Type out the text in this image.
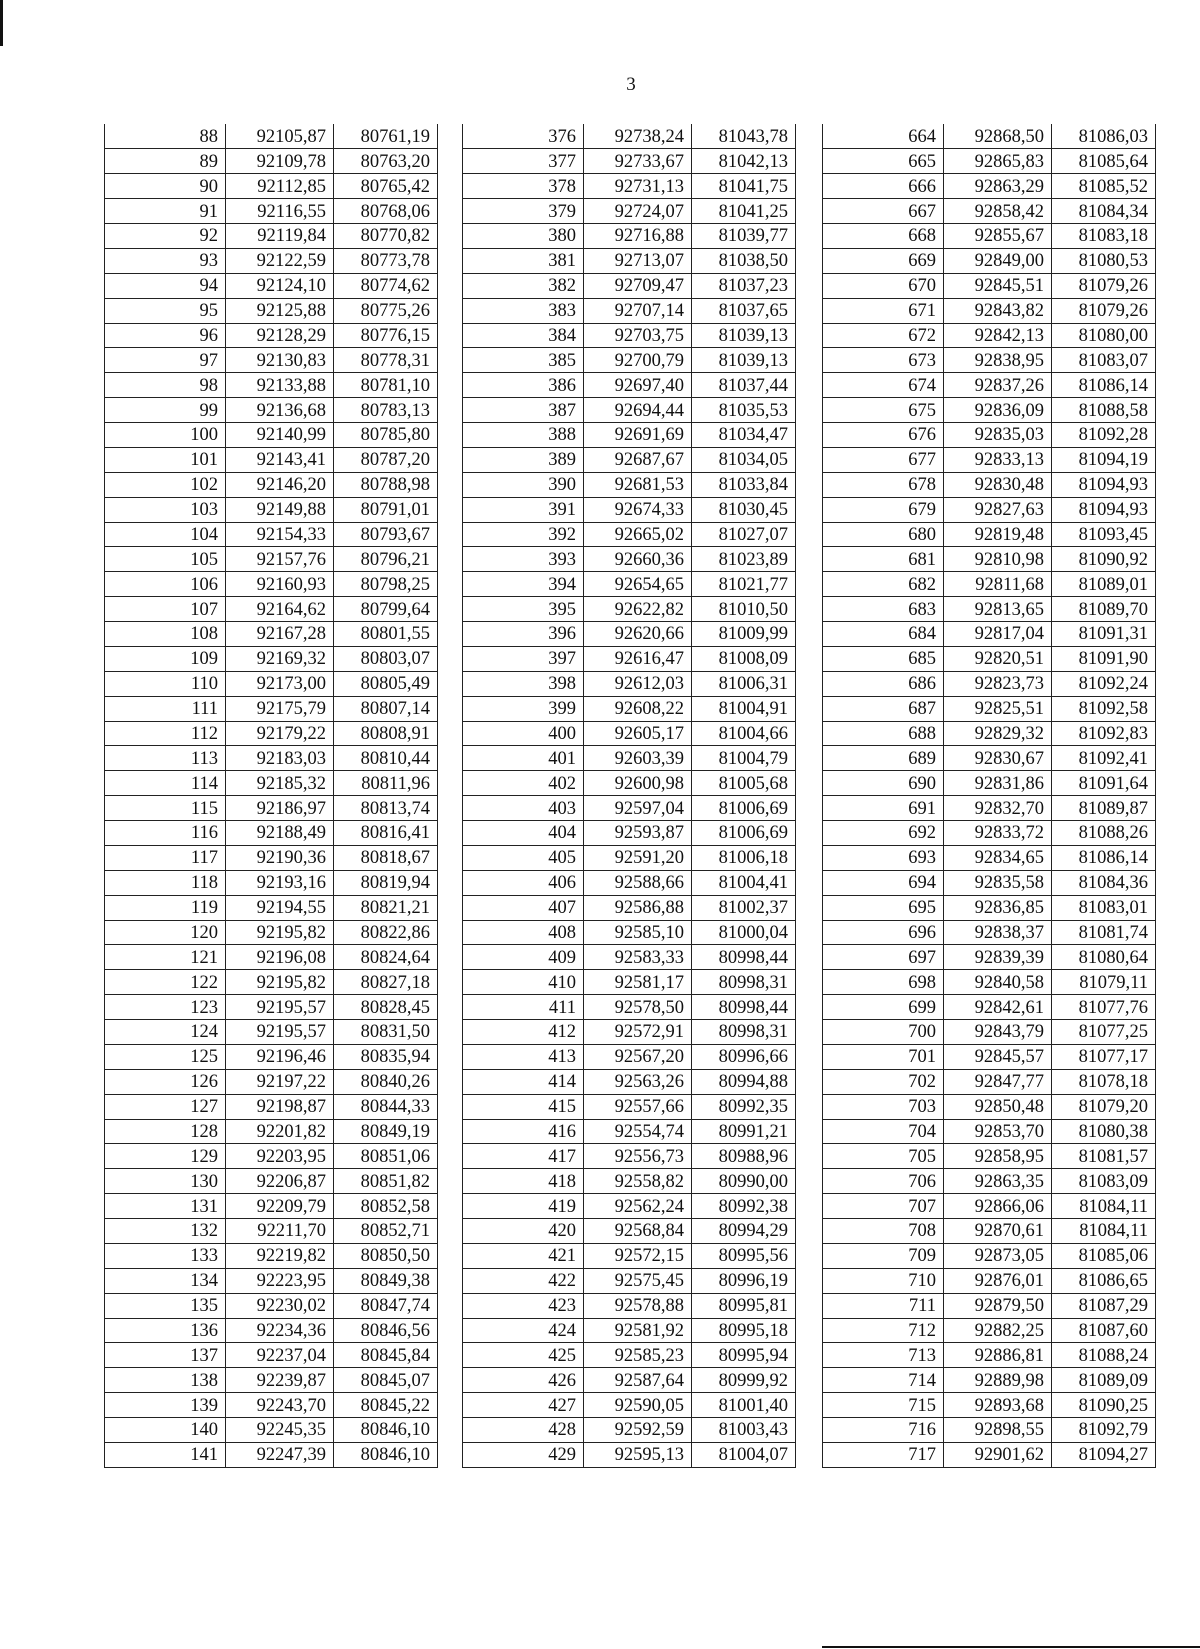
3
88	92105,87	80761,19
89	92109,78	80763,20
90	92112,85	80765,42
91	92116,55	80768,06
92	92119,84	80770,82
93	92122,59	80773,78
94	92124,10	80774,62
95	92125,88	80775,26
96	92128,29	80776,15
97	92130,83	80778,31
98	92133,88	80781,10
99	92136,68	80783,13
100	92140,99	80785,80
101	92143,41	80787,20
102	92146,20	80788,98
103	92149,88	80791,01
104	92154,33	80793,67
105	92157,76	80796,21
106	92160,93	80798,25
107	92164,62	80799,64
108	92167,28	80801,55
109	92169,32	80803,07
110	92173,00	80805,49
111	92175,79	80807,14
112	92179,22	80808,91
113	92183,03	80810,44
114	92185,32	80811,96
115	92186,97	80813,74
116	92188,49	80816,41
117	92190,36	80818,67
118	92193,16	80819,94
119	92194,55	80821,21
120	92195,82	80822,86
121	92196,08	80824,64
122	92195,82	80827,18
123	92195,57	80828,45
124	92195,57	80831,50
125	92196,46	80835,94
126	92197,22	80840,26
127	92198,87	80844,33
128	92201,82	80849,19
129	92203,95	80851,06
130	92206,87	80851,82
131	92209,79	80852,58
132	92211,70	80852,71
133	92219,82	80850,50
134	92223,95	80849,38
135	92230,02	80847,74
136	92234,36	80846,56
137	92237,04	80845,84
138	92239,87	80845,07
139	92243,70	80845,22
140	92245,35	80846,10
141	92247,39	80846,10
376	92738,24	81043,78
377	92733,67	81042,13
378	92731,13	81041,75
379	92724,07	81041,25
380	92716,88	81039,77
381	92713,07	81038,50
382	92709,47	81037,23
383	92707,14	81037,65
384	92703,75	81039,13
385	92700,79	81039,13
386	92697,40	81037,44
387	92694,44	81035,53
388	92691,69	81034,47
389	92687,67	81034,05
390	92681,53	81033,84
391	92674,33	81030,45
392	92665,02	81027,07
393	92660,36	81023,89
394	92654,65	81021,77
395	92622,82	81010,50
396	92620,66	81009,99
397	92616,47	81008,09
398	92612,03	81006,31
399	92608,22	81004,91
400	92605,17	81004,66
401	92603,39	81004,79
402	92600,98	81005,68
403	92597,04	81006,69
404	92593,87	81006,69
405	92591,20	81006,18
406	92588,66	81004,41
407	92586,88	81002,37
408	92585,10	81000,04
409	92583,33	80998,44
410	92581,17	80998,31
411	92578,50	80998,44
412	92572,91	80998,31
413	92567,20	80996,66
414	92563,26	80994,88
415	92557,66	80992,35
416	92554,74	80991,21
417	92556,73	80988,96
418	92558,82	80990,00
419	92562,24	80992,38
420	92568,84	80994,29
421	92572,15	80995,56
422	92575,45	80996,19
423	92578,88	80995,81
424	92581,92	80995,18
425	92585,23	80995,94
426	92587,64	80999,92
427	92590,05	81001,40
428	92592,59	81003,43
429	92595,13	81004,07
664	92868,50	81086,03
665	92865,83	81085,64
666	92863,29	81085,52
667	92858,42	81084,34
668	92855,67	81083,18
669	92849,00	81080,53
670	92845,51	81079,26
671	92843,82	81079,26
672	92842,13	81080,00
673	92838,95	81083,07
674	92837,26	81086,14
675	92836,09	81088,58
676	92835,03	81092,28
677	92833,13	81094,19
678	92830,48	81094,93
679	92827,63	81094,93
680	92819,48	81093,45
681	92810,98	81090,92
682	92811,68	81089,01
683	92813,65	81089,70
684	92817,04	81091,31
685	92820,51	81091,90
686	92823,73	81092,24
687	92825,51	81092,58
688	92829,32	81092,83
689	92830,67	81092,41
690	92831,86	81091,64
691	92832,70	81089,87
692	92833,72	81088,26
693	92834,65	81086,14
694	92835,58	81084,36
695	92836,85	81083,01
696	92838,37	81081,74
697	92839,39	81080,64
698	92840,58	81079,11
699	92842,61	81077,76
700	92843,79	81077,25
701	92845,57	81077,17
702	92847,77	81078,18
703	92850,48	81079,20
704	92853,70	81080,38
705	92858,95	81081,57
706	92863,35	81083,09
707	92866,06	81084,11
708	92870,61	81084,11
709	92873,05	81085,06
710	92876,01	81086,65
711	92879,50	81087,29
712	92882,25	81087,60
713	92886,81	81088,24
714	92889,98	81089,09
715	92893,68	81090,25
716	92898,55	81092,79
717	92901,62	81094,27
